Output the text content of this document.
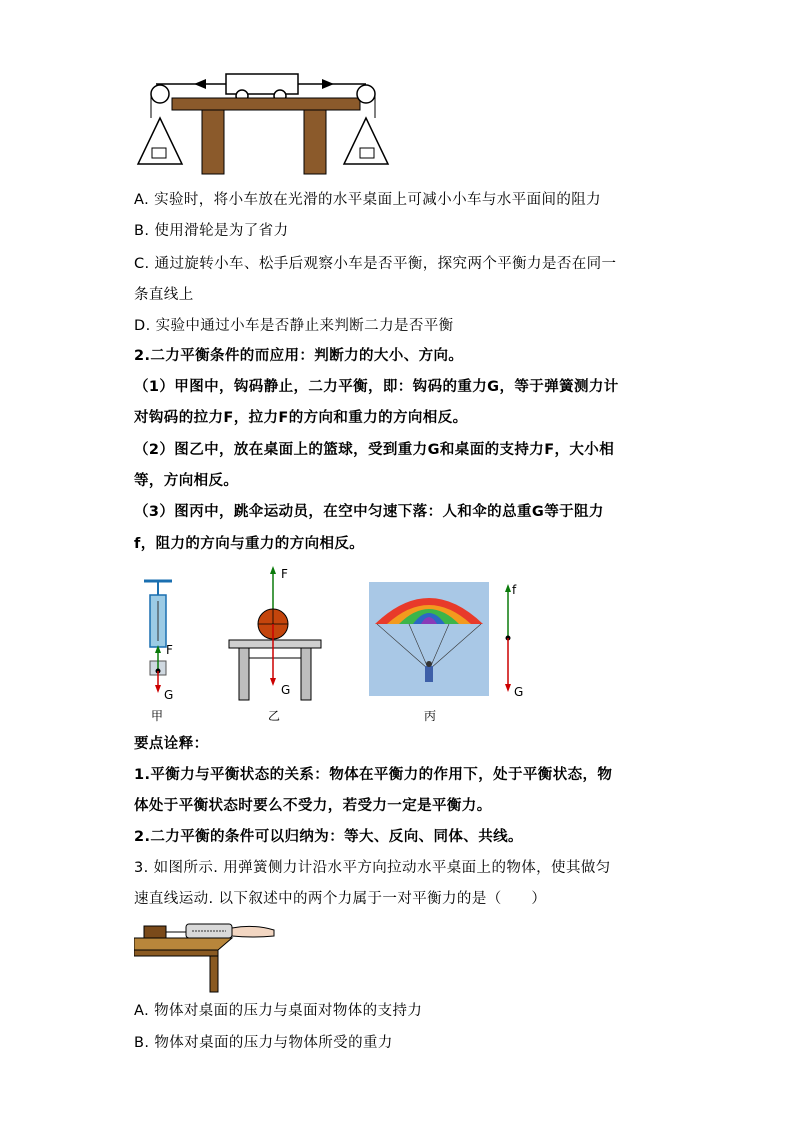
A. 实验时，将小车放在光滑的水平桌面上可减小小车与水平面间的阻力
B. 使用滑轮是为了省力
C. 通过旋转小车、松手后观察小车是否平衡，探究两个平衡力是否在同一
条直线上
D. 实验中通过小车是否静止来判断二力是否平衡
2.二力平衡条件的而应用：判断力的大小、方向。
（1）甲图中，钩码静止，二力平衡，即：钩码的重力G，等于弹簧测力计
对钩码的拉力F，拉力F的方向和重力的方向相反。
（2）图乙中，放在桌面上的篮球，受到重力G和桌面的支持力F，大小相
等，方向相反。
（3）图丙中，跳伞运动员，在空中匀速下落：人和伞的总重G等于阻力
f，阻力的方向与重力的方向相反。
F
G
甲
F
G
乙
f
G
丙
要点诠释：
1.平衡力与平衡状态的关系：物体在平衡力的作用下，处于平衡状态，物
体处于平衡状态时要么不受力，若受力一定是平衡力。
2.二力平衡的条件可以归纳为：等大、反向、同体、共线。
3. 如图所示. 用弹簧侧力计沿水平方向拉动水平桌面上的物体，使其做匀
速直线运动. 以下叙述中的两个力属于一对平衡力的是（　　）
A. 物体对桌面的压力与桌面对物体的支持力
B. 物体对桌面的压力与物体所受的重力
